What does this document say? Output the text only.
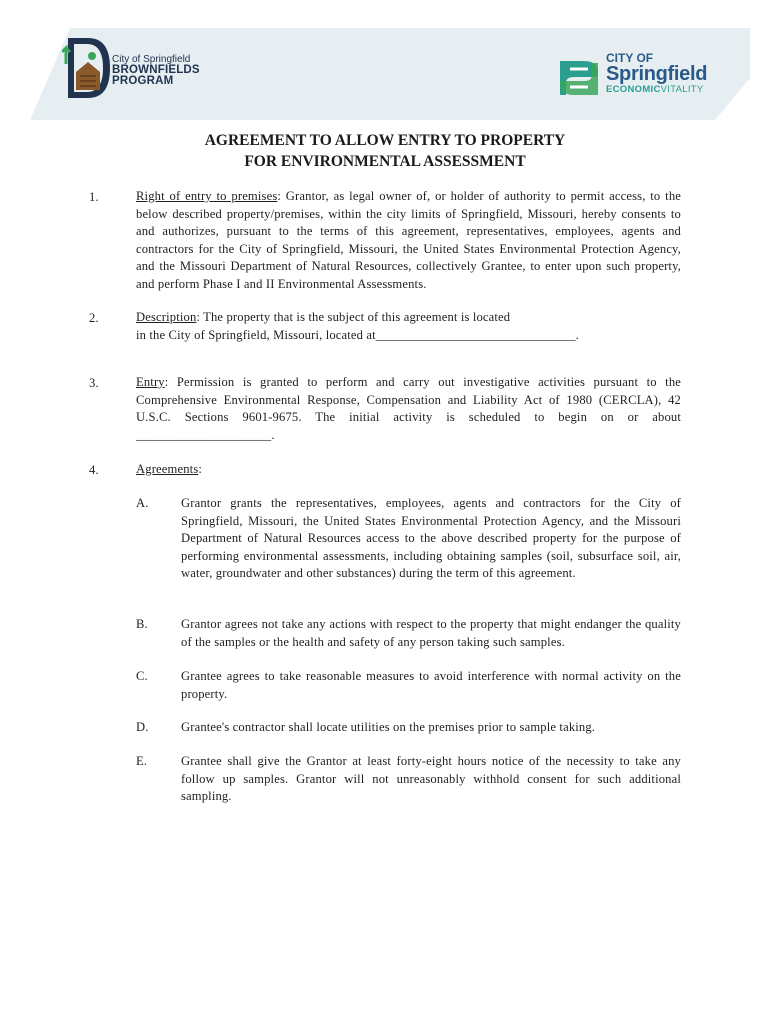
City of Springfield
BROWNFIELDS
PROGRAM
CITY OF
Springfield
ECONOMICVITALITY
AGREEMENT TO ALLOW ENTRY TO PROPERTY
FOR ENVIRONMENTAL ASSESSMENT
1.	Right of entry to premises: Grantor, as legal owner of, or holder of authority to permit access, to the below described property/premises, within the city limits of Springfield, Missouri, hereby consents to and authorizes, pursuant to the terms of this agreement, representatives, employees, agents and contractors for the City of Springfield, Missouri, the United States Environmental Protection Agency, and the Missouri Department of Natural Resources, collectively Grantee, to enter upon such property, and perform Phase I and II Environmental Assessments.
2.	Description: The property that is the subject of this agreement is located
in the City of Springfield, Missouri, located at_______________________________.
3.	Entry: Permission is granted to perform and carry out investigative activities pursuant to the Comprehensive Environmental Response, Compensation and Liability Act of 1980 (CERCLA), 42 U.S.C. Sections 9601-9675. The initial activity is scheduled to begin on or about _____________________.
4.	Agreements:
A.	Grantor grants the representatives, employees, agents and contractors for the City of Springfield, Missouri, the United States Environmental Protection Agency, and the Missouri Department of Natural Resources access to the above described property for the purpose of performing environmental assessments, including obtaining samples (soil, subsurface soil, air, water, groundwater and other substances) during the term of this agreement.
B.	Grantor agrees not take any actions with respect to the property that might endanger the quality of the samples or the health and safety of any person taking such samples.
C.	Grantee agrees to take reasonable measures to avoid interference with normal activity on the property.
D.	Grantee's contractor shall locate utilities on the premises prior to sample taking.
E.	Grantee shall give the Grantor at least forty-eight hours notice of the necessity to take any follow up samples. Grantor will not unreasonably withhold consent for such additional sampling.
